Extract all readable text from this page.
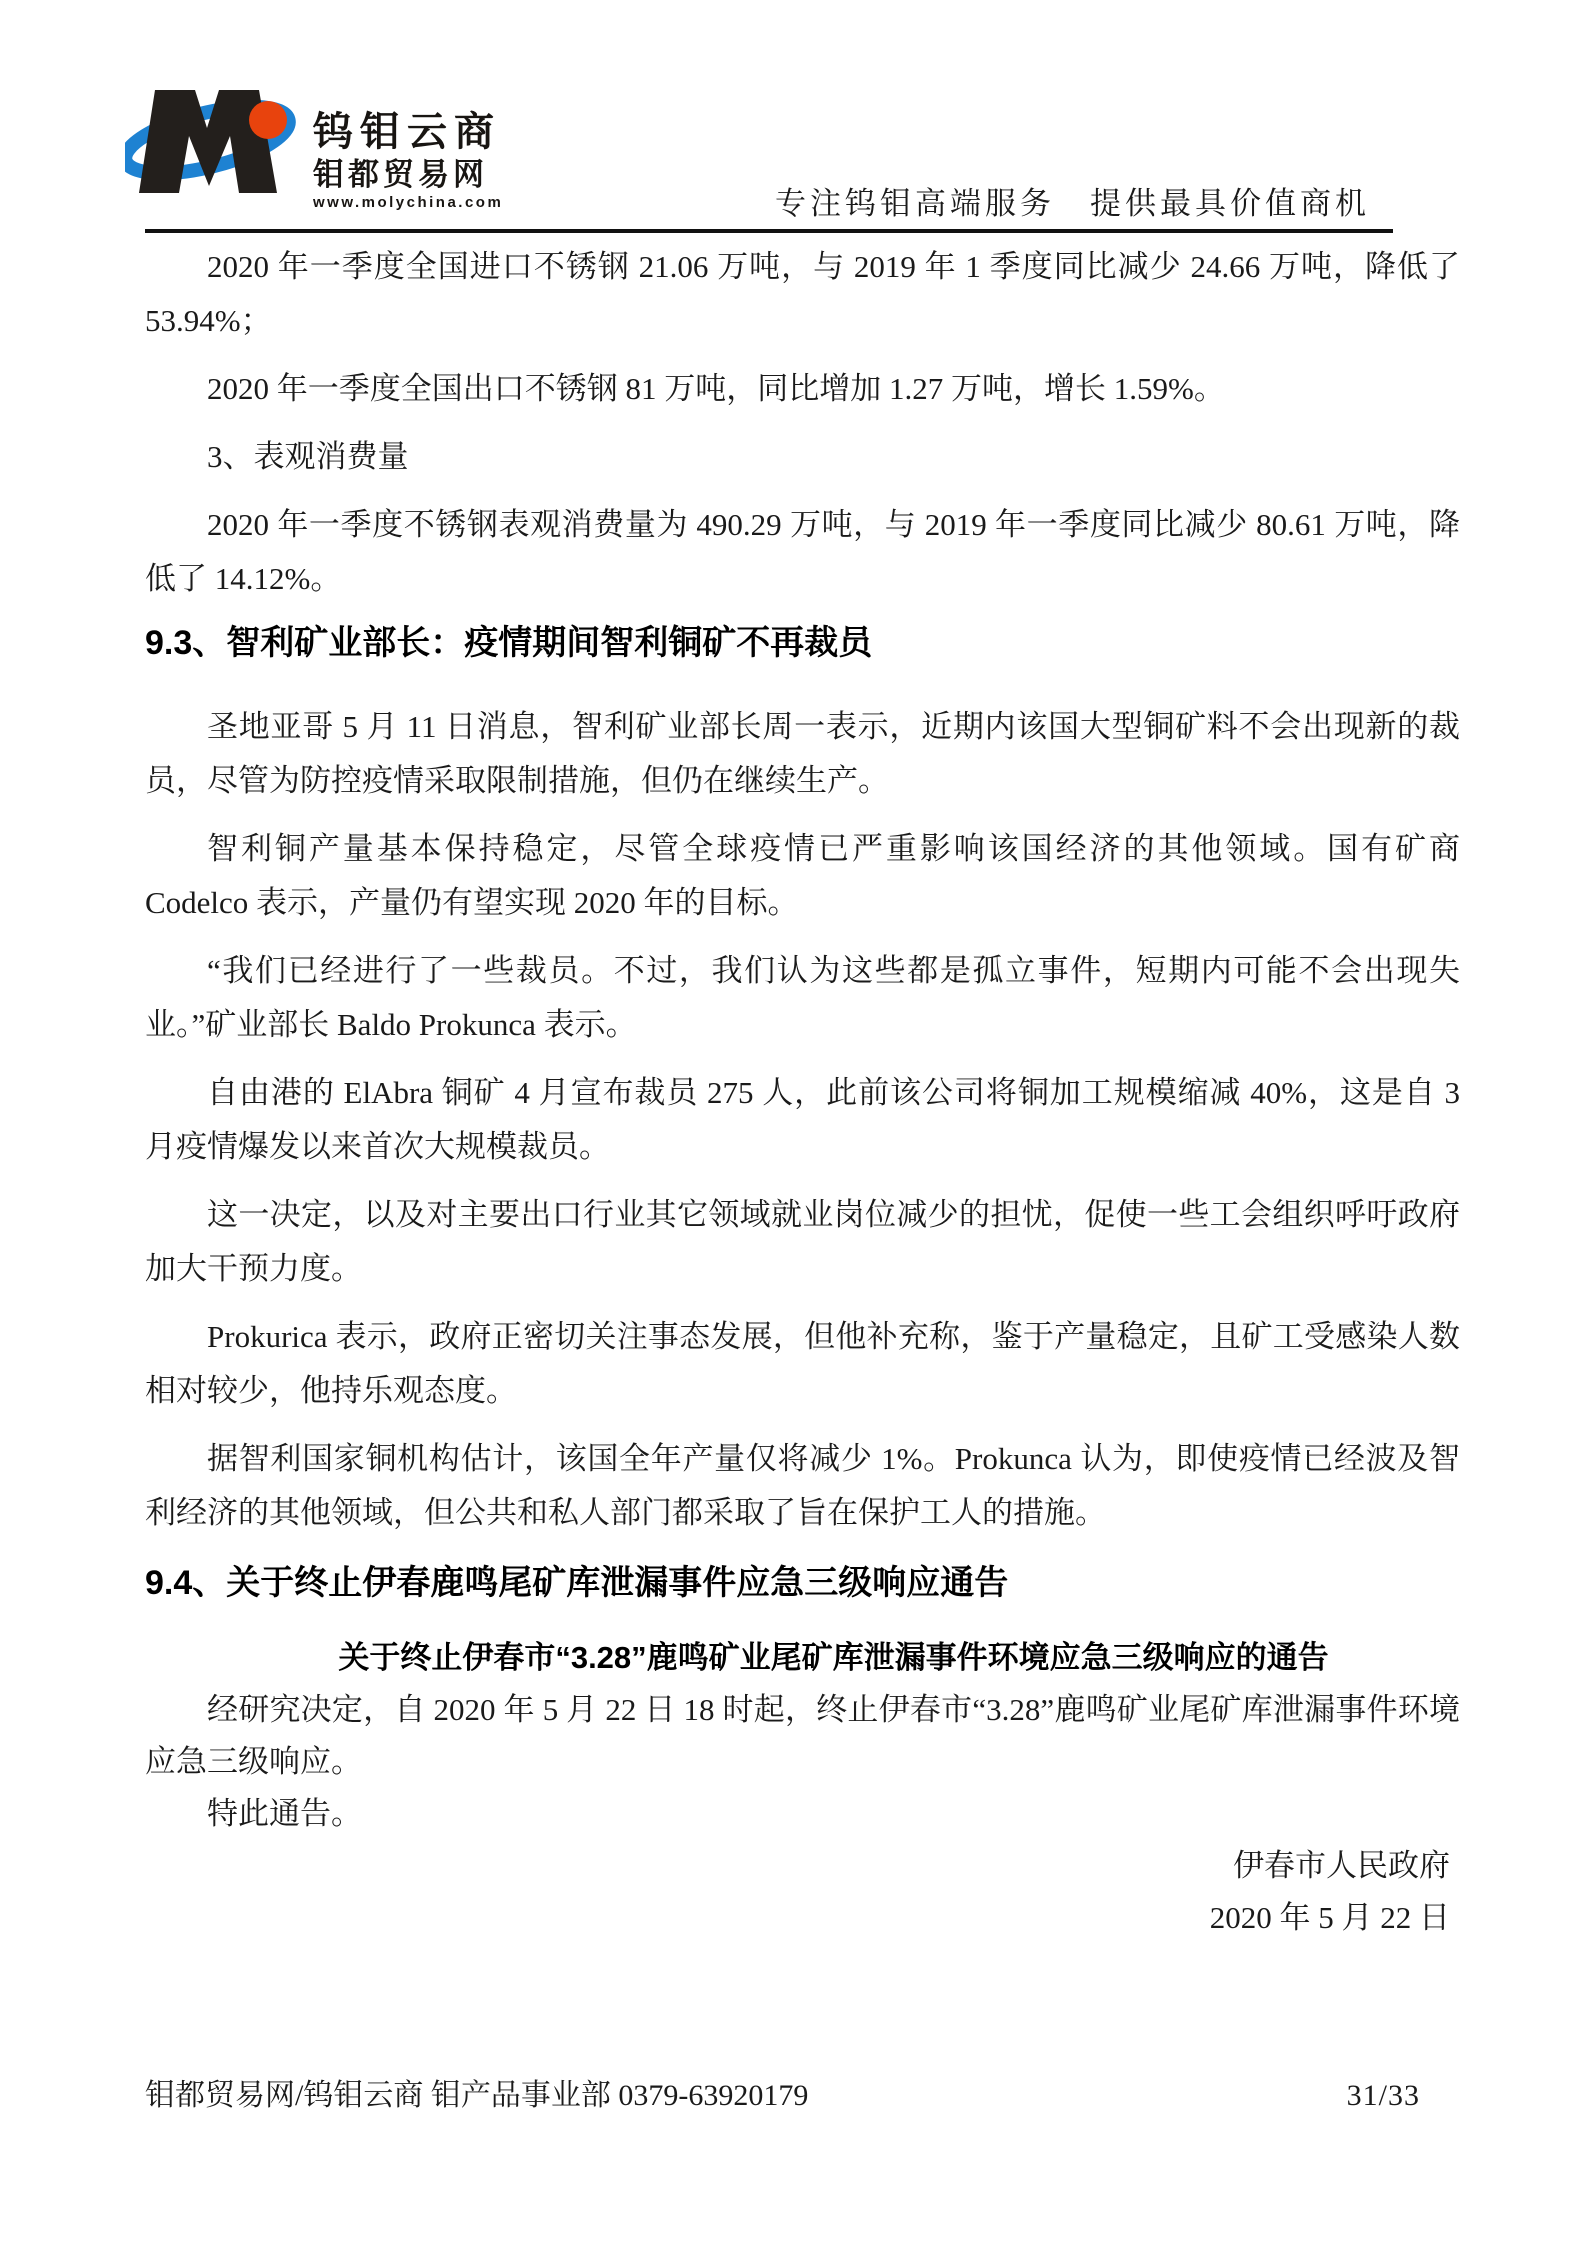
钨钼云商
钼都贸易网
www.molychina.com	专注钨钼高端服务　提供最具价值商机

2020 年一季度全国进口不锈钢 21.06 万吨，与 2019 年 1 季度同比减少 24.66 万吨，降低了 53.94%；

2020 年一季度全国出口不锈钢 81 万吨，同比增加 1.27 万吨，增长 1.59%。

3、表观消费量

2020 年一季度不锈钢表观消费量为 490.29 万吨，与 2019 年一季度同比减少 80.61 万吨，降低了 14.12%。

9.3、智利矿业部长：疫情期间智利铜矿不再裁员

圣地亚哥 5 月 11 日消息，智利矿业部长周一表示，近期内该国大型铜矿料不会出现新的裁员，尽管为防控疫情采取限制措施，但仍在继续生产。

智利铜产量基本保持稳定，尽管全球疫情已严重影响该国经济的其他领域。国有矿商 Codelco 表示，产量仍有望实现 2020 年的目标。

“我们已经进行了一些裁员。不过，我们认为这些都是孤立事件，短期内可能不会出现失业。”矿业部长 Baldo Prokunca 表示。

自由港的 ElAbra 铜矿 4 月宣布裁员 275 人，此前该公司将铜加工规模缩减 40%，这是自 3 月疫情爆发以来首次大规模裁员。

这一决定，以及对主要出口行业其它领域就业岗位减少的担忧，促使一些工会组织呼吁政府加大干预力度。

Prokurica 表示，政府正密切关注事态发展，但他补充称，鉴于产量稳定，且矿工受感染人数相对较少，他持乐观态度。

据智利国家铜机构估计，该国全年产量仅将减少 1%。Prokunca 认为，即使疫情已经波及智利经济的其他领域，但公共和私人部门都采取了旨在保护工人的措施。

9.4、关于终止伊春鹿鸣尾矿库泄漏事件应急三级响应通告

关于终止伊春市“3.28”鹿鸣矿业尾矿库泄漏事件环境应急三级响应的通告

经研究决定，自 2020 年 5 月 22 日 18 时起，终止伊春市“3.28”鹿鸣矿业尾矿库泄漏事件环境应急三级响应。

特此通告。

伊春市人民政府

2020 年 5 月 22 日

钼都贸易网/钨钼云商 钼产品事业部 0379-63920179	31/33
